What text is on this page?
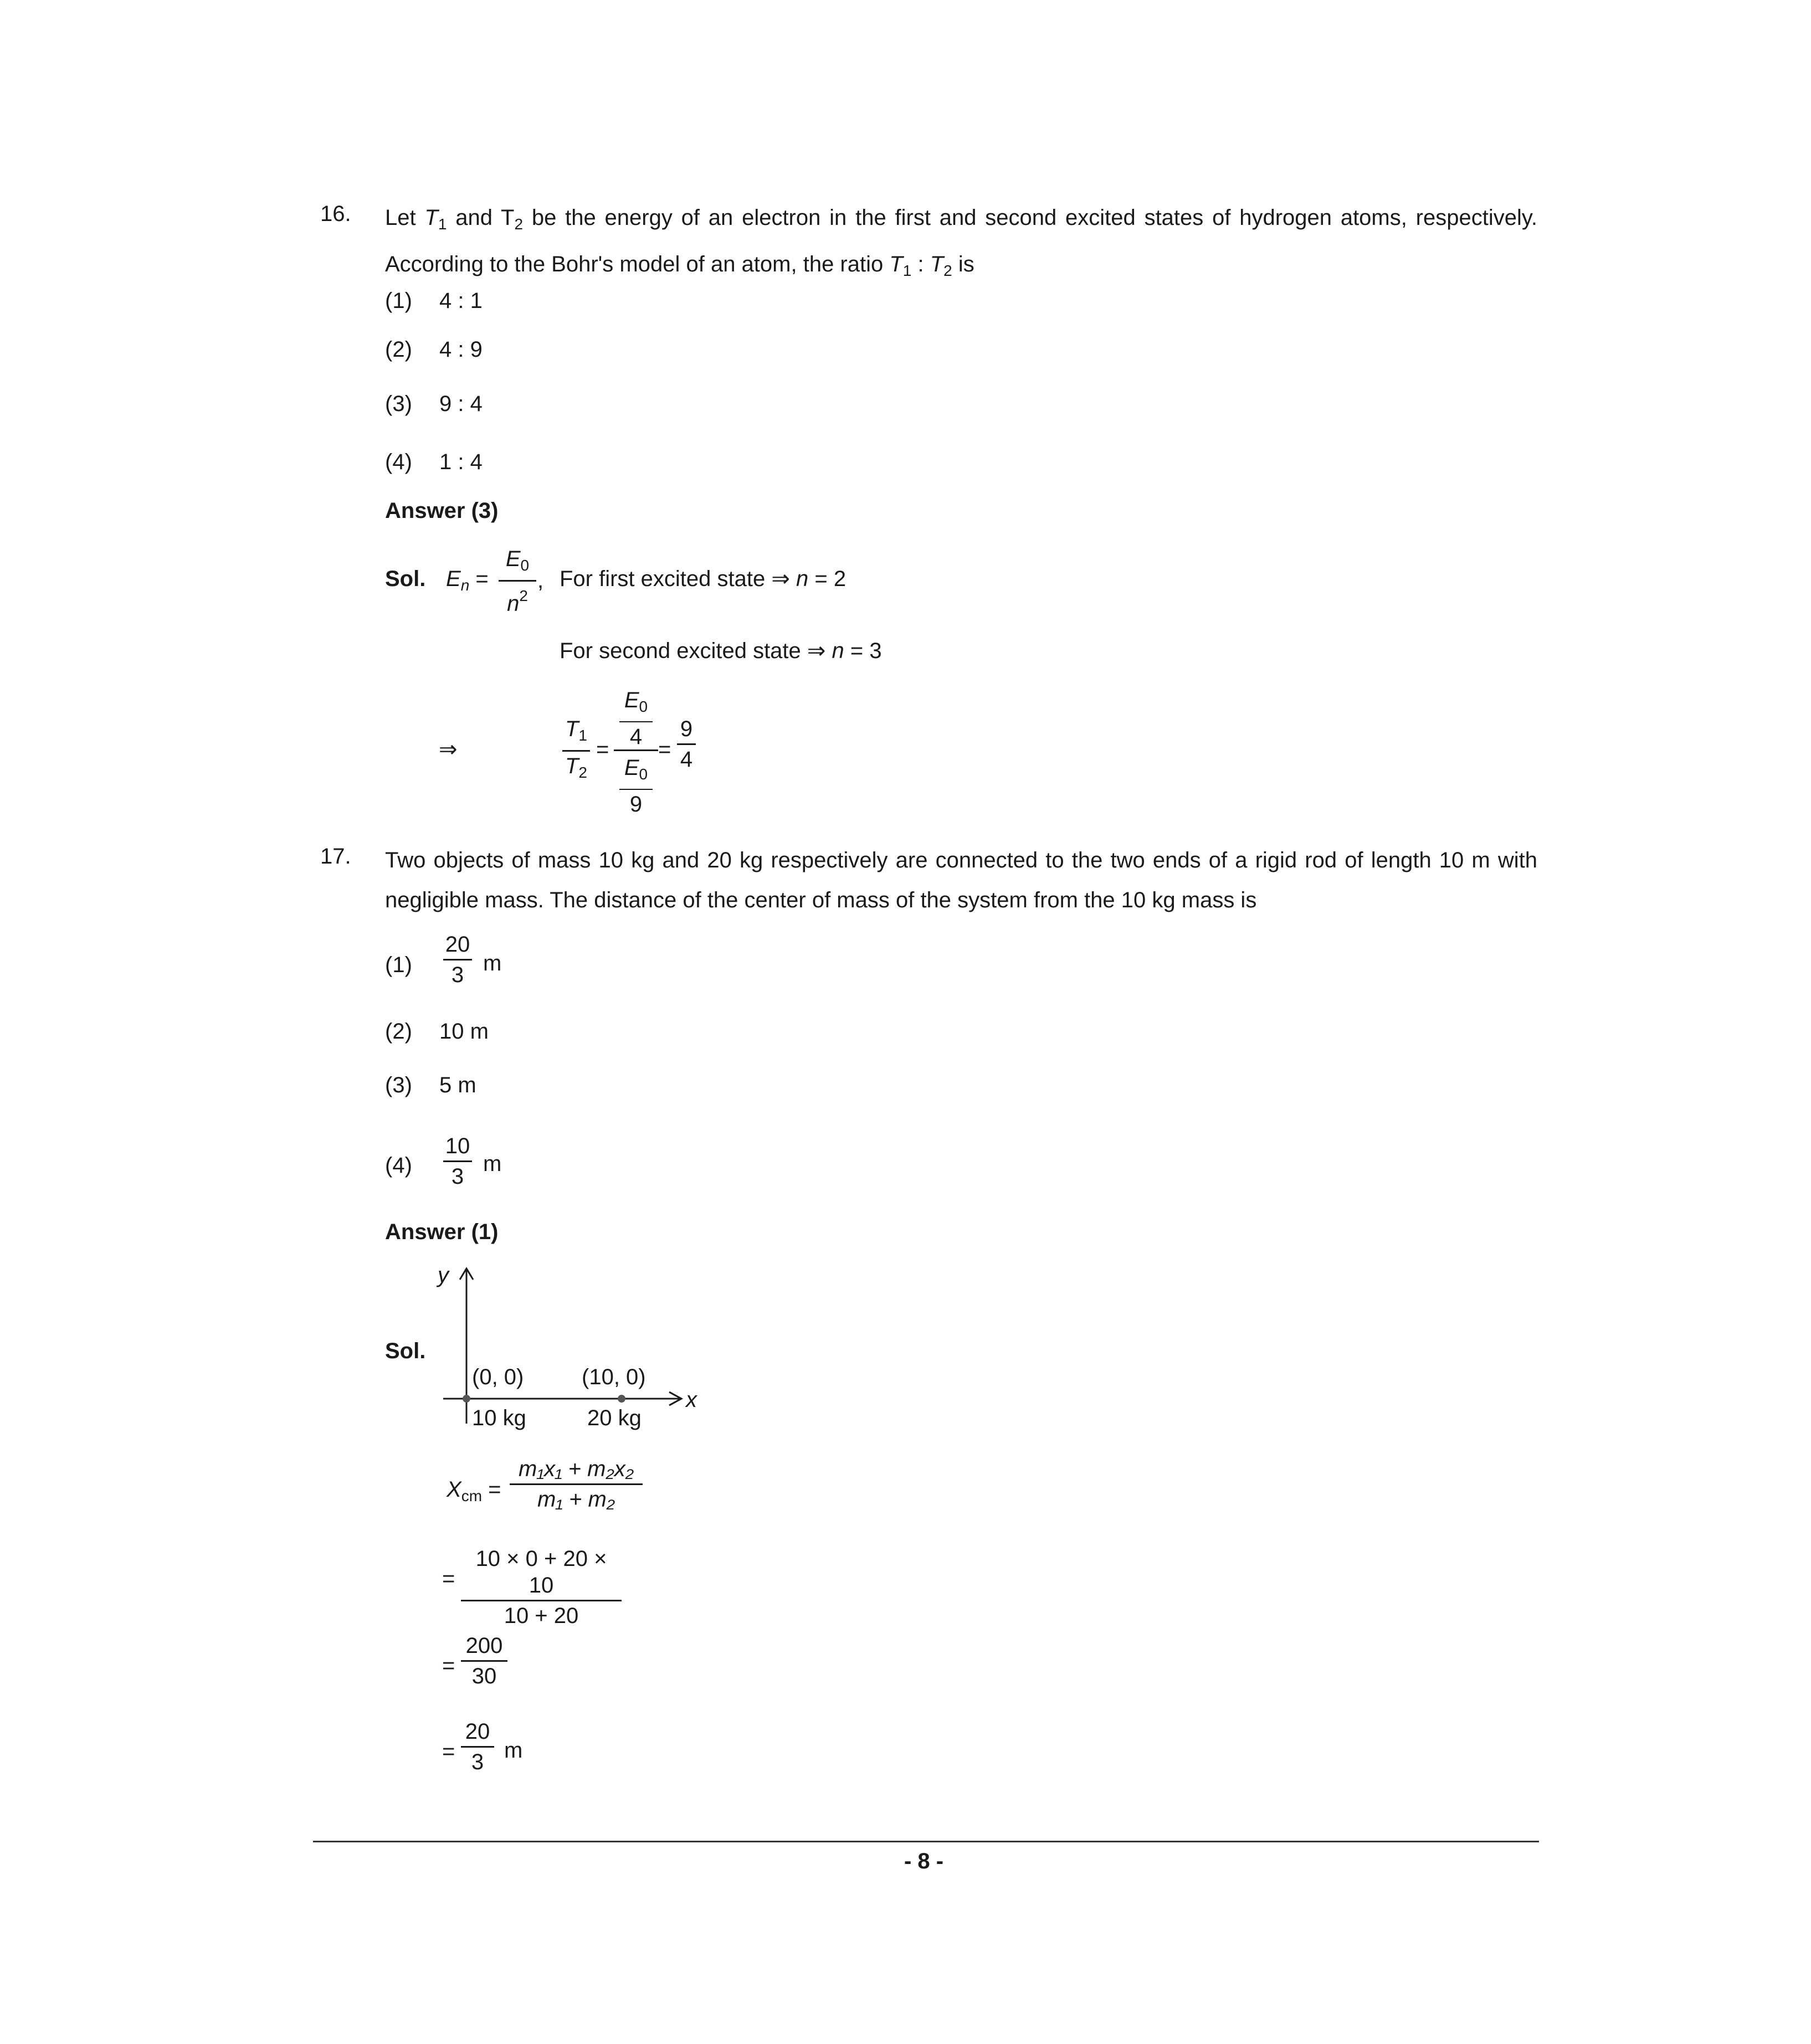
16. Let $T_1$ and $T_2$ be the energy of an electron in the first and second excited states of hydrogen atoms, respectively. According to the Bohr's model of an atom, the ratio $T_1$ : $T_2$ is
(1) 4 : 1
(2) 4 : 9
(3) 9 : 4
(4) 1 : 4
Answer (3)
Sol. $E_n$ =
$E_0$
$n^2$
, For first excited state ⇒ n = 2
For second excited state ⇒ n = 3
⇒
$T_1$
$T_2$
=
$E_0$
4
$E_0$
9
=
9
4
17. Two objects of mass 10 kg and 20 kg respectively are connected to the two ends of a rigid rod of length 10 m with negligible mass. The distance of the center of mass of the system from the 10 kg mass is
(1)
20
3 m
(2) 10 m
(3) 5 m
(4)
10
3
m
Answer (1)
Sol.
y
x
(0, 0)	(10, 0)
10 kg	20 kg
$X_{cm}$ =
m₁x₁ + m₂x₂
m₁ + m₂
=
10 × 0 + 20 × 10
10 + 20
=
200
30
=
20
3 m
- 8 -
